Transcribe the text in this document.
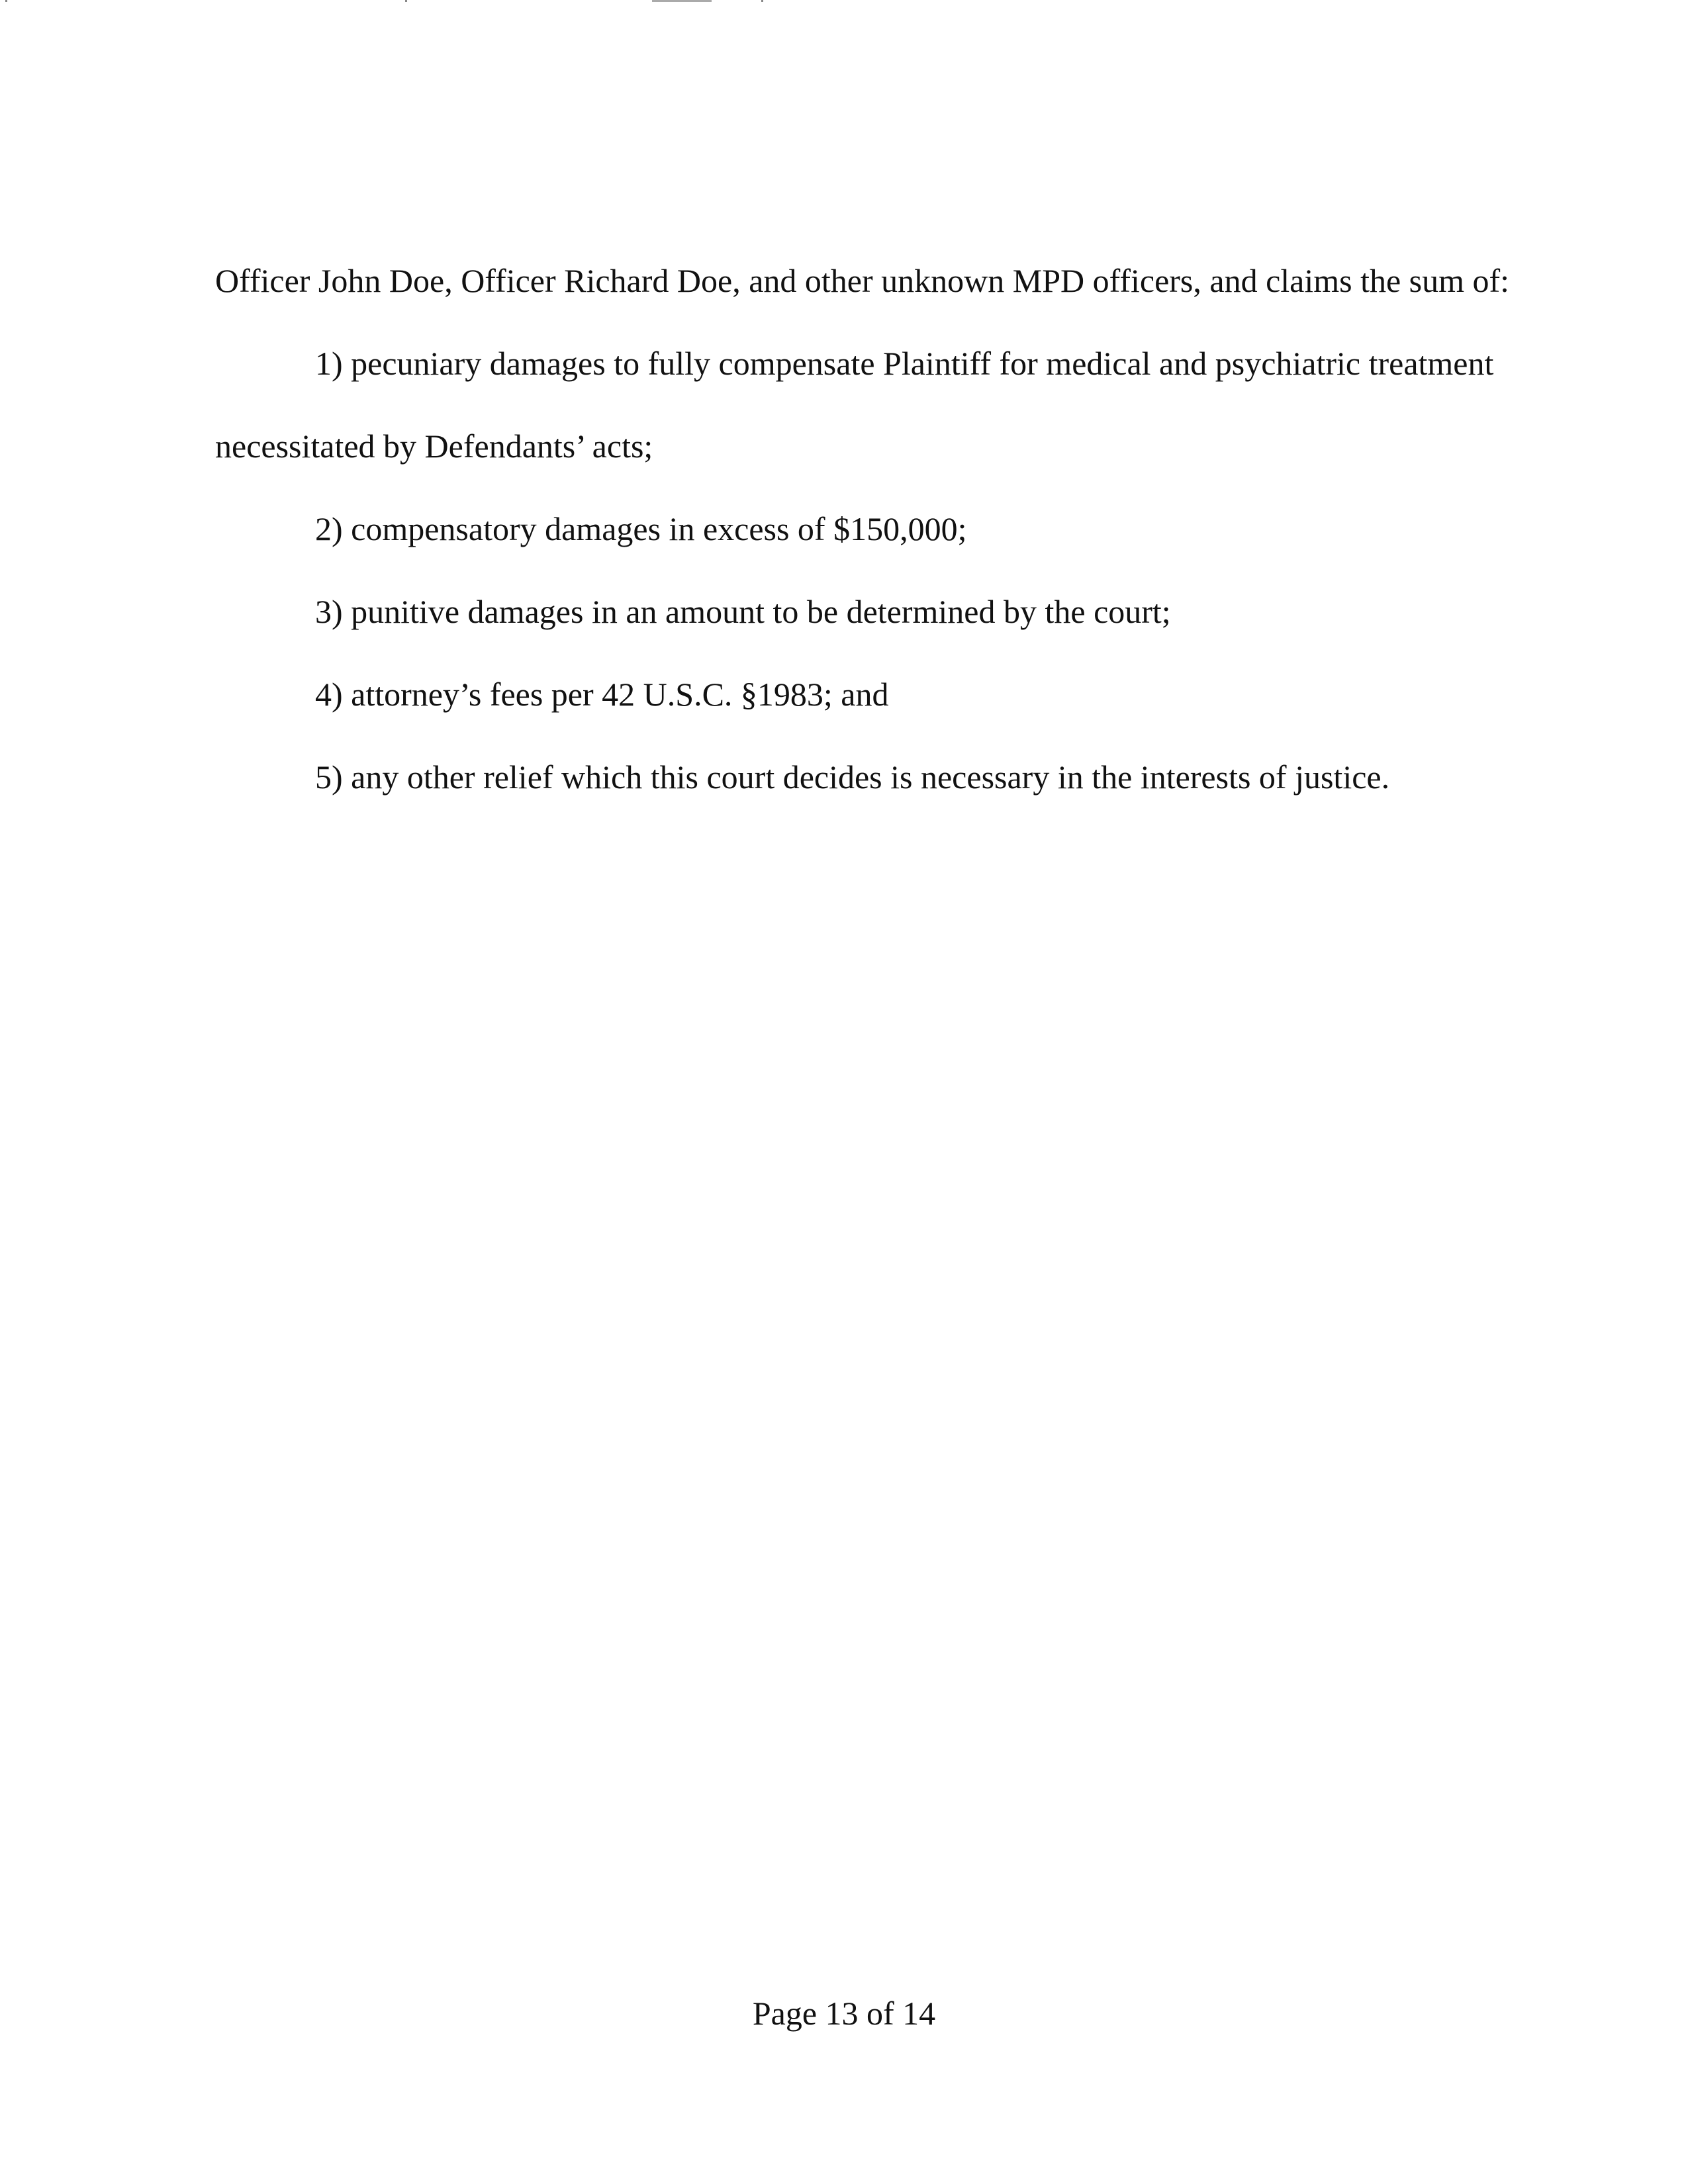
Officer John Doe, Officer Richard Doe, and other unknown MPD officers, and claims the sum of:

1) pecuniary damages to fully compensate Plaintiff for medical and psychiatric treatment

necessitated by Defendants’ acts;

2) compensatory damages in excess of $150,000;

3) punitive damages in an amount to be determined by the court;

4) attorney’s fees per 42 U.S.C. §1983; and

5) any other relief which this court decides is necessary in the interests of justice.

Page 13 of 14
